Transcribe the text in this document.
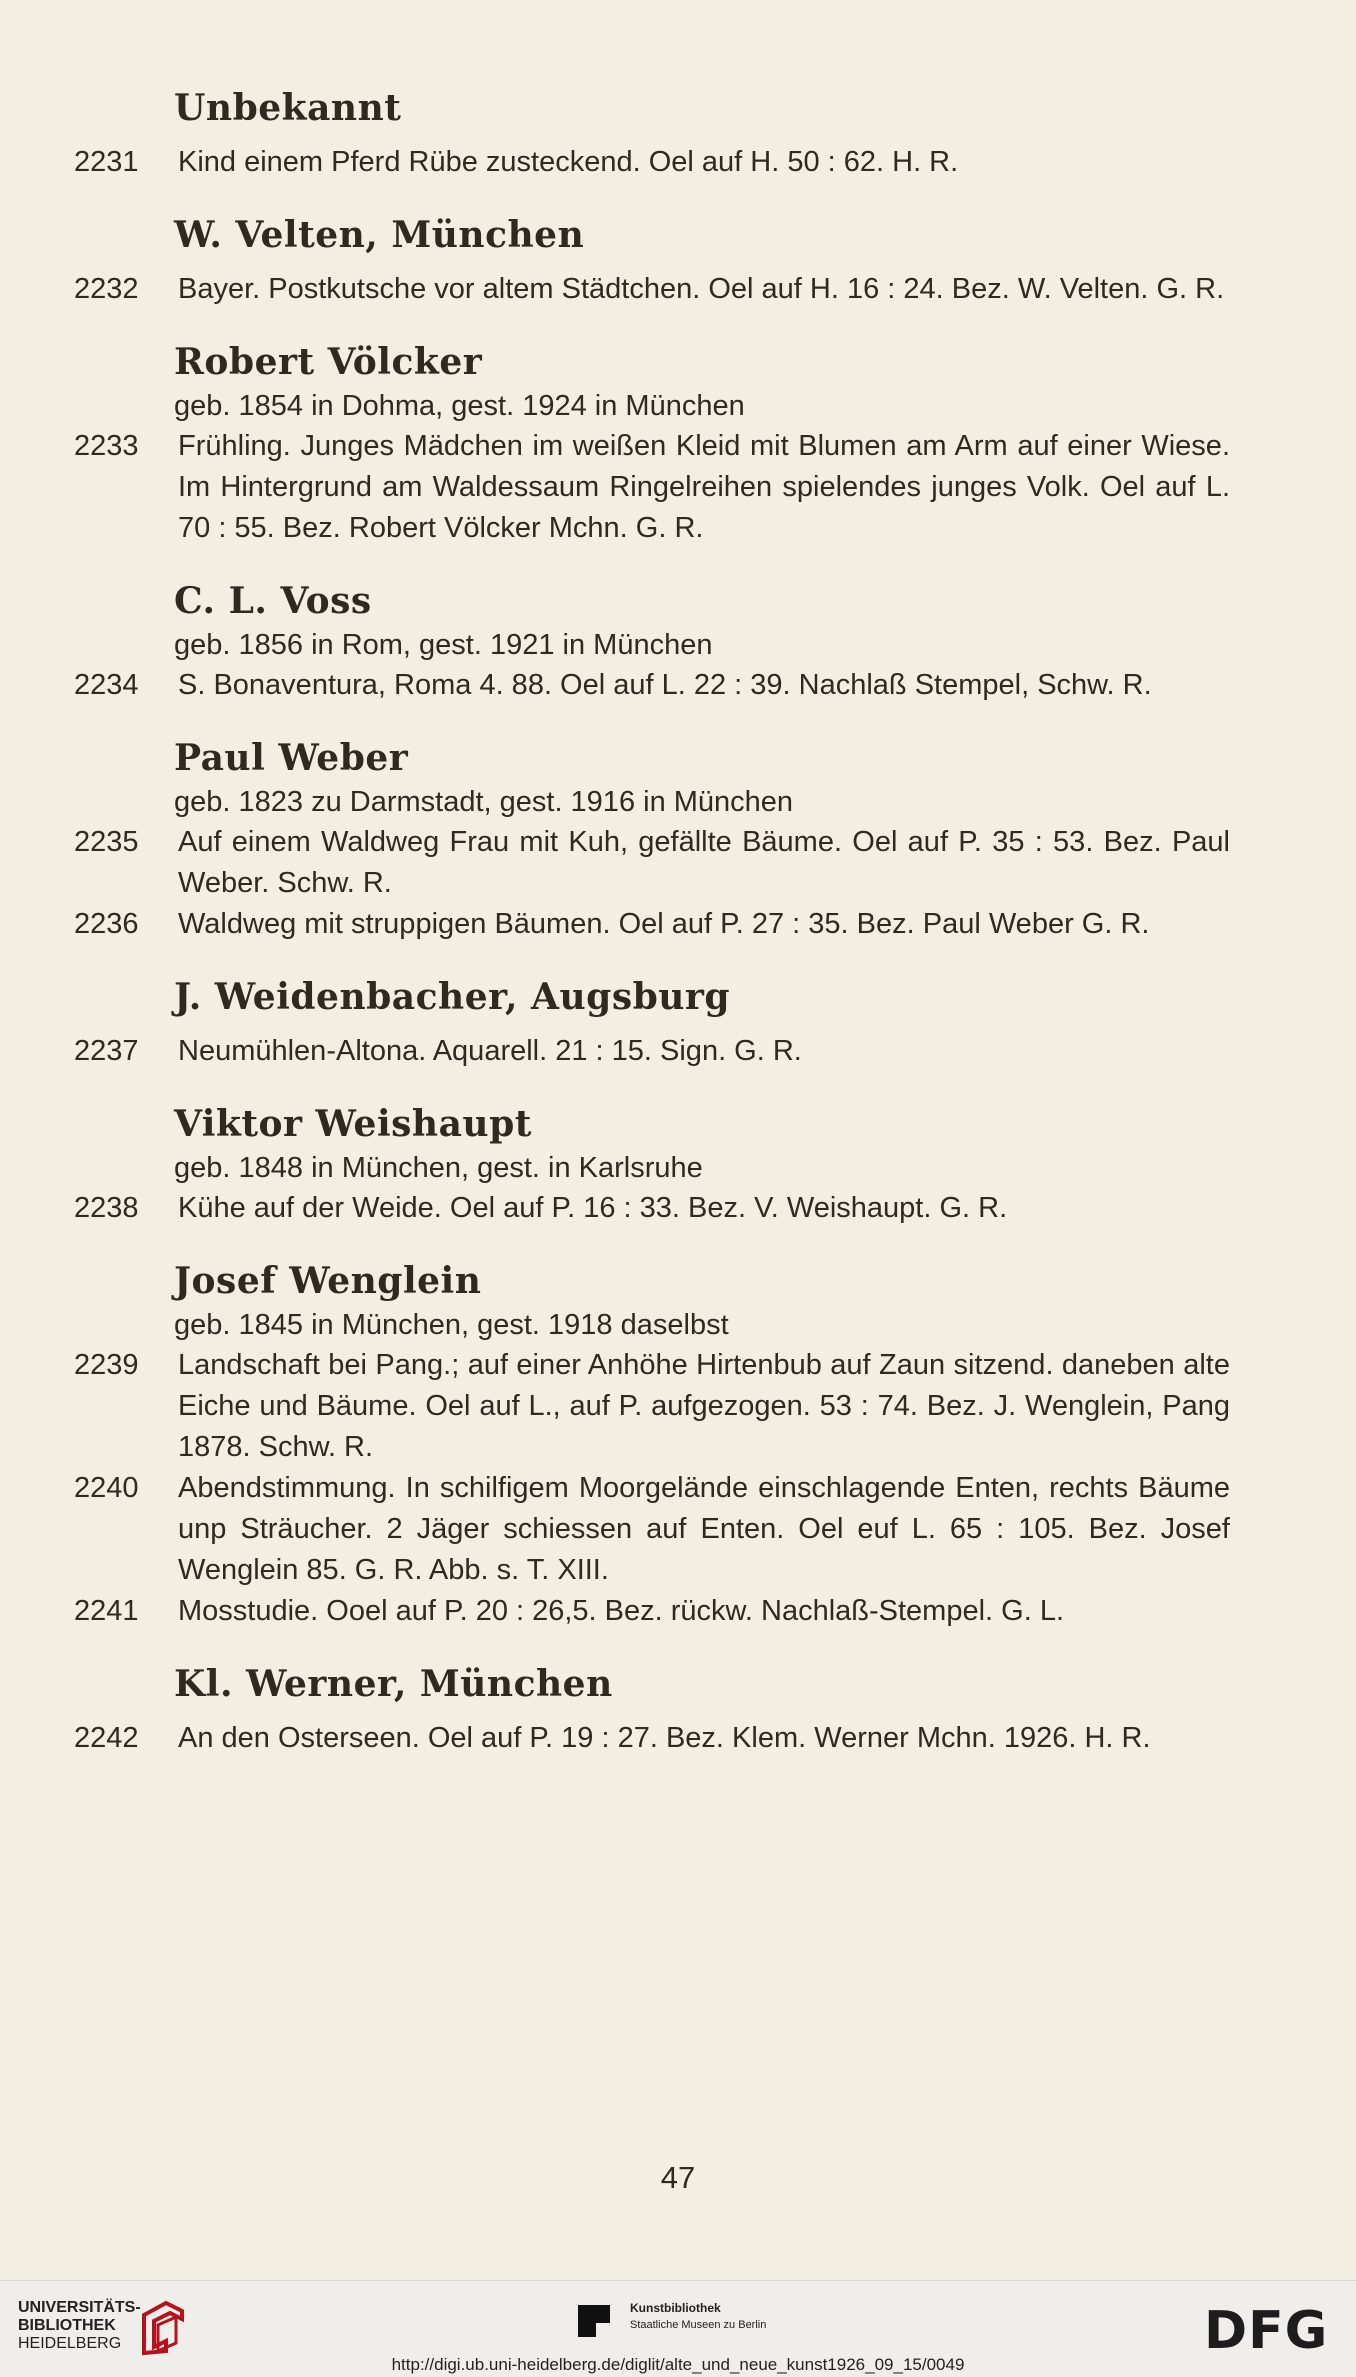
Unbekannt
2231	Kind einem Pferd Rübe zusteckend. Oel auf H. 50 : 62. H. R.
W. Velten, München
2232	Bayer. Postkutsche vor altem Städtchen. Oel auf H. 16 : 24. Bez. W. Velten. G. R.
Robert Völcker
geb. 1854 in Dohma, gest. 1924 in München
2233	Frühling. Junges Mädchen im weißen Kleid mit Blumen am Arm auf einer Wiese. Im Hintergrund am Waldessaum Ringelreihen spielendes junges Volk. Oel auf L. 70 : 55. Bez. Robert Völcker Mchn. G. R.
C. L. Voss
geb. 1856 in Rom, gest. 1921 in München
2234	S. Bonaventura, Roma 4. 88. Oel auf L. 22 : 39. Nachlaß Stempel, Schw. R.
Paul Weber
geb. 1823 zu Darmstadt, gest. 1916 in München
2235	Auf einem Waldweg Frau mit Kuh, gefällte Bäume. Oel auf P. 35 : 53. Bez. Paul Weber. Schw. R.
2236	Waldweg mit struppigen Bäumen. Oel auf P. 27 : 35. Bez. Paul Weber G. R.
J. Weidenbacher, Augsburg
2237	Neumühlen-Altona. Aquarell. 21 : 15. Sign. G. R.
Viktor Weishaupt
geb. 1848 in München, gest. in Karlsruhe
2238	Kühe auf der Weide. Oel auf P. 16 : 33. Bez. V. Weishaupt. G. R.
Josef Wenglein
geb. 1845 in München, gest. 1918 daselbst
2239	Landschaft bei Pang.; auf einer Anhöhe Hirtenbub auf Zaun sitzend. daneben alte Eiche und Bäume. Oel auf L., auf P. aufgezogen. 53 : 74. Bez. J. Wenglein, Pang 1878. Schw. R.
2240	Abendstimmung. In schilfigem Moorgelände einschlagende Enten, rechts Bäume unp Sträucher. 2 Jäger schiessen auf Enten. Oel euf L. 65 : 105. Bez. Josef Wenglein 85. G. R. Abb. s. T. XIII.
2241	Mosstudie. Ooel auf P. 20 : 26,5. Bez. rückw. Nachlaß-Stempel. G. L.
Kl. Werner, München
2242	An den Osterseen. Oel auf P. 19 : 27. Bez. Klem. Werner Mchn. 1926. H. R.
47
UNIVERSITÄTS-
BIBLIOTHEK
HEIDELBERG
Kunstbibliothek
Staatliche Museen zu Berlin	DFG
http://digi.ub.uni-heidelberg.de/diglit/alte_und_neue_kunst1926_09_15/0049
